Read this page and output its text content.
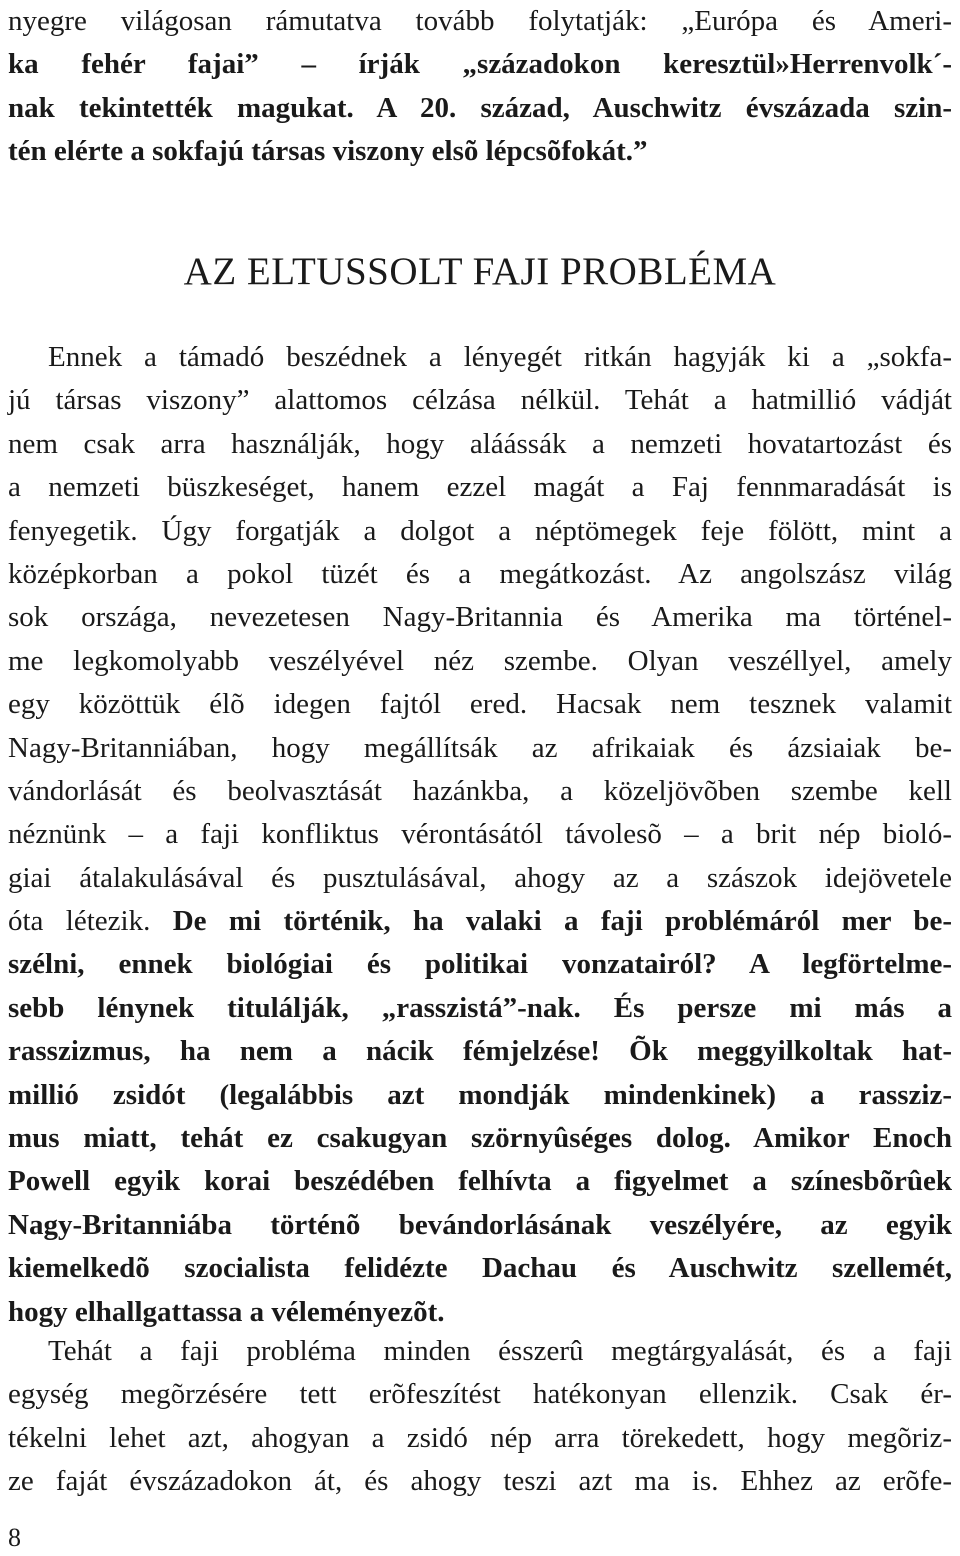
nyegre világosan rámutatva tovább folytatják: „Európa és Ameri-
ka fehér fajai” – írják „századokon keresztül»Herrenvolk´-
nak tekintették magukat. A 20. század, Auschwitz évszázada szin-
tén elérte a sokfajú társas viszony elsõ lépcsõfokát.”
AZ ELTUSSOLT FAJI PROBLÉMA
Ennek a támadó beszédnek a lényegét ritkán hagyják ki a „sokfa-
jú társas viszony” alattomos célzása nélkül. Tehát a hatmillió vádját
nem csak arra használják, hogy aláássák a nemzeti hovatartozást és
a nemzeti büszkeséget, hanem ezzel magát a Faj fennmaradását is
fenyegetik. Úgy forgatják a dolgot a néptömegek feje fölött, mint a
középkorban a pokol tüzét és a megátkozást. Az angolszász világ
sok országa, nevezetesen Nagy-Britannia és Amerika ma történel-
me legkomolyabb veszélyével néz szembe. Olyan veszéllyel, amely
egy közöttük élõ idegen fajtól ered. Hacsak nem tesznek valamit
Nagy-Britanniában, hogy megállítsák az afrikaiak és ázsiaiak be-
vándorlását és beolvasztását hazánkba, a közeljövõben szembe kell
néznünk – a faji konfliktus vérontásától távolesõ – a brit nép bioló-
giai átalakulásával és pusztulásával, ahogy az a szászok idejövetele
óta létezik. De mi történik, ha valaki a faji problémáról mer be-
szélni, ennek biológiai és politikai vonzatairól? A legförtelme-
sebb lénynek titulálják, „rasszistá”-nak. És persze mi más a
rasszizmus, ha nem a nácik fémjelzése! Õk meggyilkoltak hat-
millió zsidót (legalábbis azt mondják mindenkinek) a rassziz-
mus miatt, tehát ez csakugyan szörnyûséges dolog. Amikor Enoch
Powell egyik korai beszédében felhívta a figyelmet a színesbõrûek
Nagy-Britanniába történõ bevándorlásának veszélyére, az egyik
kiemelkedõ szocialista felidézte Dachau és Auschwitz szellemét,
hogy elhallgattassa a véleményezõt.
Tehát a faji probléma minden ésszerû megtárgyalását, és a faji
egység megõrzésére tett erõfeszítést hatékonyan ellenzik. Csak ér-
tékelni lehet azt, ahogyan a zsidó nép arra törekedett, hogy megõriz-
ze faját évszázadokon át, és ahogy teszi azt ma is. Ehhez az erõfe-
8
